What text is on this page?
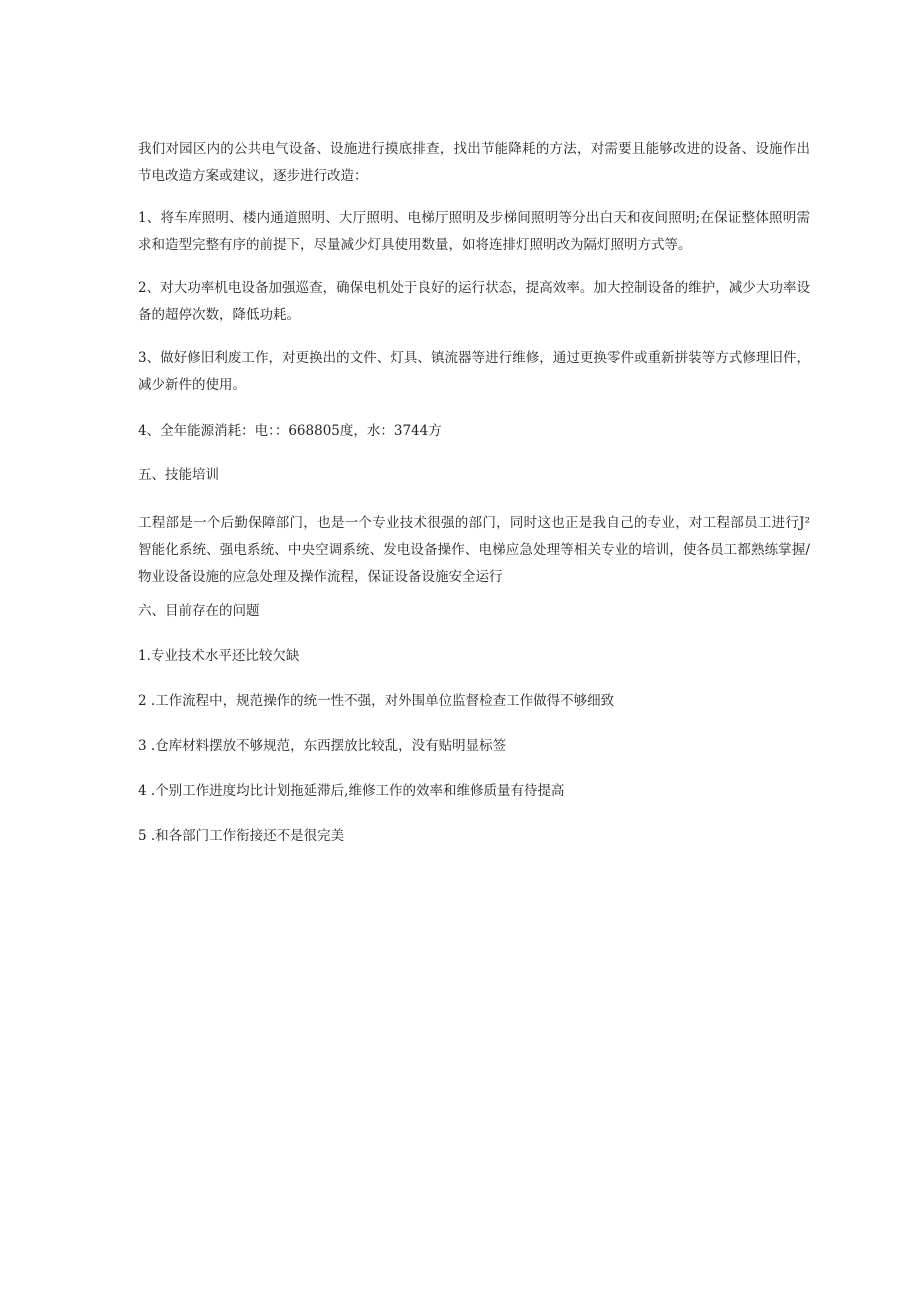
我们对园区内的公共电气设备、设施进行摸底排查，找出节能降耗的方法，对需要且能够改进的设备、设施作出节电改造方案或建议，逐步进行改造：

1、将车库照明、楼内通道照明、大厅照明、电梯厅照明及步梯间照明等分出白天和夜间照明;在保证整体照明需求和造型完整有序的前提下，尽量减少灯具使用数量，如将连排灯照明改为隔灯照明方式等。

2、对大功率机电设备加强巡查，确保电机处于良好的运行状态，提高效率。加大控制设备的维护，减少大功率设备的超停次数，降低功耗。

3、做好修旧利废工作，对更换出的文件、灯具、镇流器等进行维修，通过更换零件或重新拼装等方式修理旧件，减少新件的使用。

4、全年能源消耗：电：：668805度，水：3744方

五、技能培训

工程部是一个后勤保障部门，也是一个专业技术很强的部门，同时这也正是我自己的专业，对工程部员工进行J²智能化系统、强电系统、中央空调系统、发电设备操作、电梯应急处理等相关专业的培训，使各员工都熟练掌握/物业设备设施的应急处理及操作流程，保证设备设施安全运行

六、目前存在的问题

1.专业技术水平还比较欠缺

2 .工作流程中，规范操作的统一性不强，对外围单位监督检查工作做得不够细致

3 .仓库材料摆放不够规范，东西摆放比较乱，没有贴明显标签

4 .个别工作进度均比计划拖延滞后,维修工作的效率和维修质量有待提高

5 .和各部门工作衔接还不是很完美
